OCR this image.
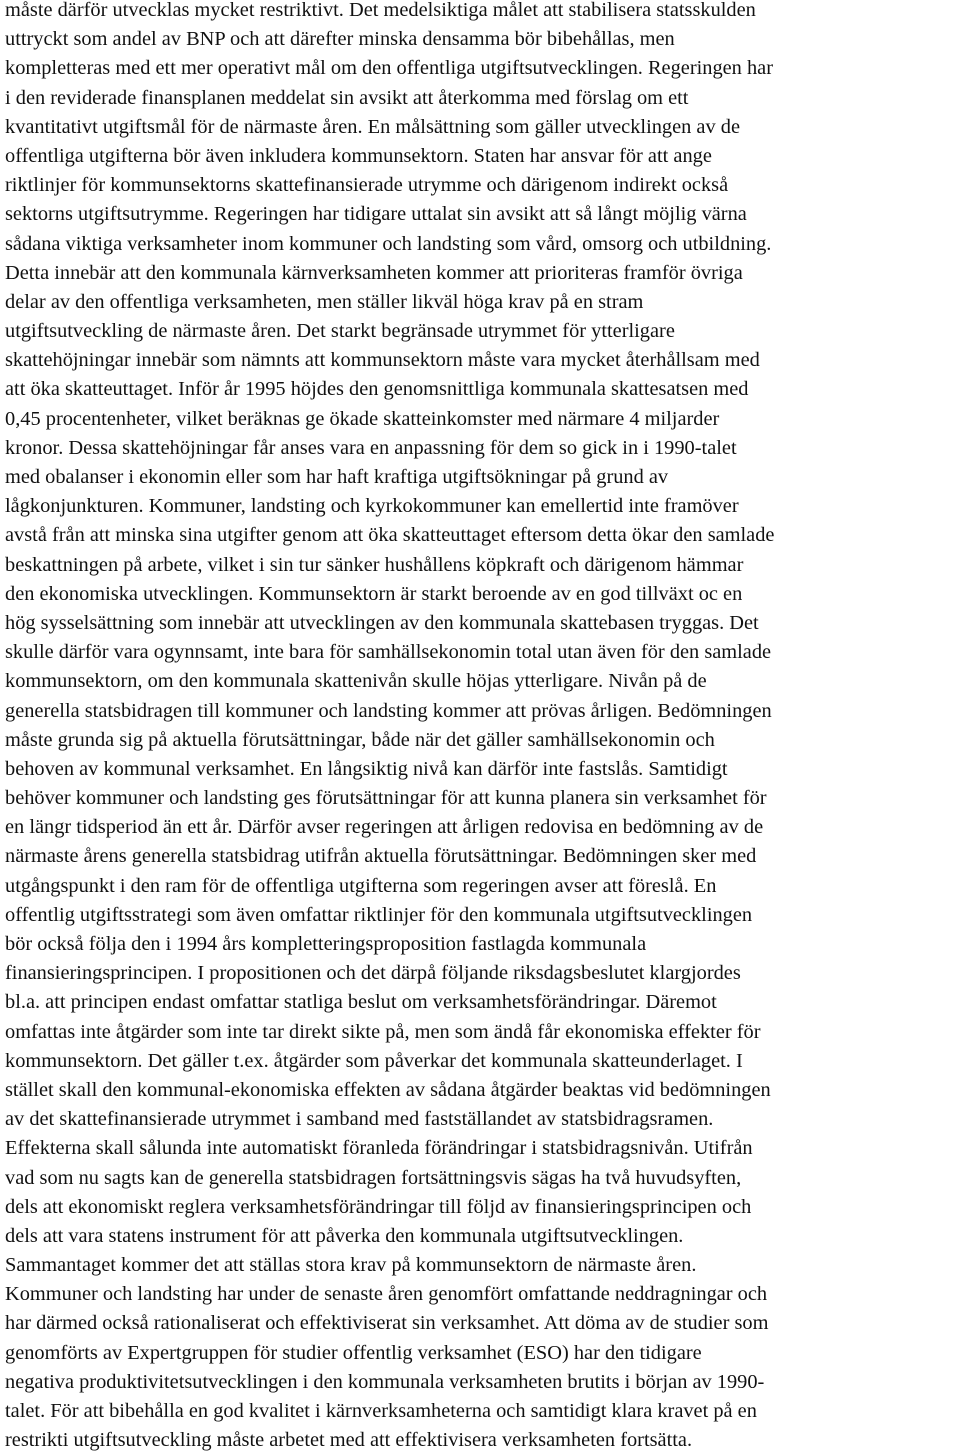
måste därför utvecklas mycket restriktivt. Det medelsiktiga målet att stabilisera statsskulden
uttryckt som andel av BNP och att därefter minska densamma bör bibehållas, men
kompletteras med ett mer operativt mål om den offentliga utgiftsutvecklingen. Regeringen har
i den reviderade finansplanen meddelat sin avsikt att återkomma med förslag om ett
kvantitativt utgiftsmål för de närmaste åren. En målsättning som gäller utvecklingen av de
offentliga utgifterna bör även inkludera kommunsektorn. Staten har ansvar för att ange
riktlinjer för kommunsektorns skattefinansierade utrymme och därigenom indirekt också
sektorns utgiftsutrymme. Regeringen har tidigare uttalat sin avsikt att så långt möjlig värna
sådana viktiga verksamheter inom kommuner och landsting som vård, omsorg och utbildning.
Detta innebär att den kommunala kärnverksamheten kommer att prioriteras framför övriga
delar av den offentliga verksamheten, men ställer likväl höga krav på en stram
utgiftsutveckling de närmaste åren. Det starkt begränsade utrymmet för ytterligare
skattehöjningar innebär som nämnts att kommunsektorn måste vara mycket återhållsam med
att öka skatteuttaget. Inför år 1995 höjdes den genomsnittliga kommunala skattesatsen med
0,45 procentenheter, vilket beräknas ge ökade skatteinkomster med närmare 4 miljarder
kronor. Dessa skattehöjningar får anses vara en anpassning för dem so gick in i 1990-talet
med obalanser i ekonomin eller som har haft kraftiga utgiftsökningar på grund av
lågkonjunkturen. Kommuner, landsting och kyrkokommuner kan emellertid inte framöver
avstå från att minska sina utgifter genom att öka skatteuttaget eftersom detta ökar den samlade
beskattningen på arbete, vilket i sin tur sänker hushållens köpkraft och därigenom hämmar
den ekonomiska utvecklingen. Kommunsektorn är starkt beroende av en god tillväxt oc en
hög sysselsättning som innebär att utvecklingen av den kommunala skattebasen tryggas. Det
skulle därför vara ogynnsamt, inte bara för samhällsekonomin total utan även för den samlade
kommunsektorn, om den kommunala skattenivån skulle höjas ytterligare. Nivån på de
generella statsbidragen till kommuner och landsting kommer att prövas årligen. Bedömningen
måste grunda sig på aktuella förutsättningar, både när det gäller samhällsekonomin och
behoven av kommunal verksamhet. En långsiktig nivå kan därför inte fastslås. Samtidigt
behöver kommuner och landsting ges förutsättningar för att kunna planera sin verksamhet för
en längr tidsperiod än ett år. Därför avser regeringen att årligen redovisa en bedömning av de
närmaste årens generella statsbidrag utifrån aktuella förutsättningar. Bedömningen sker med
utgångspunkt i den ram för de offentliga utgifterna som regeringen avser att föreslå. En
offentlig utgiftsstrategi som även omfattar riktlinjer för den kommunala utgiftsutvecklingen
bör också följa den i 1994 års kompletteringsproposition fastlagda kommunala
finansieringsprincipen. I propositionen och det därpå följande riksdagsbeslutet klargjordes
bl.a. att principen endast omfattar statliga beslut om verksamhetsförändringar. Däremot
omfattas inte åtgärder som inte tar direkt sikte på, men som ändå får ekonomiska effekter för
kommunsektorn. Det gäller t.ex. åtgärder som påverkar det kommunala skatteunderlaget. I
stället skall den kommunal-ekonomiska effekten av sådana åtgärder beaktas vid bedömningen
av det skattefinansierade utrymmet i samband med fastställandet av statsbidragsramen.
Effekterna skall sålunda inte automatiskt föranleda förändringar i statsbidragsnivån. Utifrån
vad som nu sagts kan de generella statsbidragen fortsättningsvis sägas ha två huvudsyften,
dels att ekonomiskt reglera verksamhetsförändringar till följd av finansieringsprincipen och
dels att vara statens instrument för att påverka den kommunala utgiftsutvecklingen.
Sammantaget kommer det att ställas stora krav på kommunsektorn de närmaste åren.
Kommuner och landsting har under de senaste åren genomfört omfattande neddragningar och
har därmed också rationaliserat och effektiviserat sin verksamhet. Att döma av de studier som
genomförts av Expertgruppen för studier offentlig verksamhet (ESO) har den tidigare
negativa produktivitetsutvecklingen i den kommunala verksamheten brutits i början av 1990-
talet. För att bibehålla en god kvalitet i kärnverksamheterna och samtidigt klara kravet på en
restrikti utgiftsutveckling måste arbetet med att effektivisera verksamheten fortsätta.
